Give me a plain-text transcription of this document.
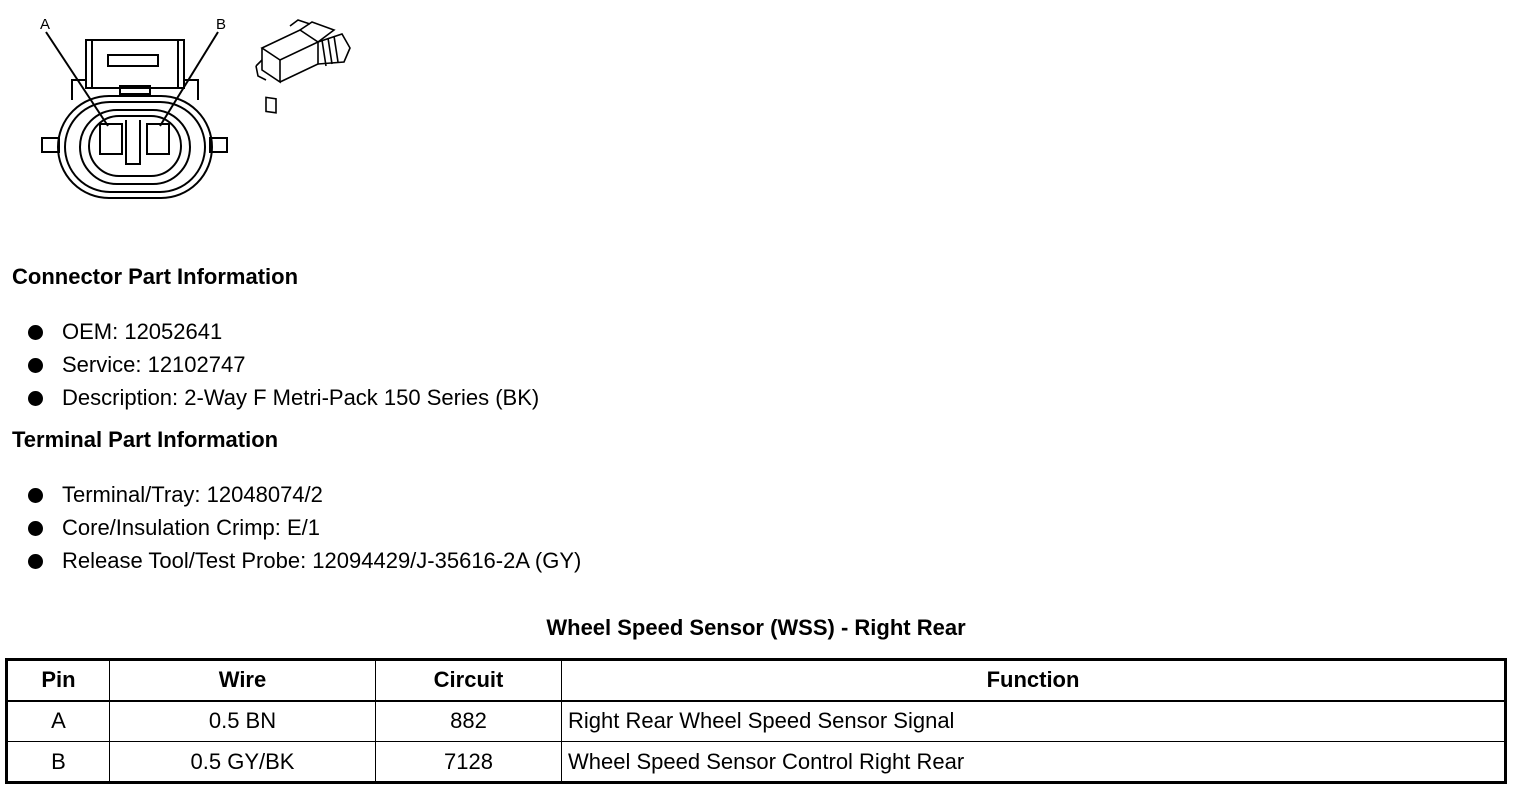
A	B
Connector Part Information
OEM: 12052641
Service: 12102747
Description: 2-Way F Metri-Pack 150 Series (BK)
Terminal Part Information
Terminal/Tray: 12048074/2
Core/Insulation Crimp: E/1
Release Tool/Test Probe: 12094429/J-35616-2A (GY)
Wheel Speed Sensor (WSS) - Right Rear
Pin	Wire	Circuit	Function
A	0.5 BN	882	Right Rear Wheel Speed Sensor Signal
B	0.5 GY/BK	7128	Wheel Speed Sensor Control Right Rear
